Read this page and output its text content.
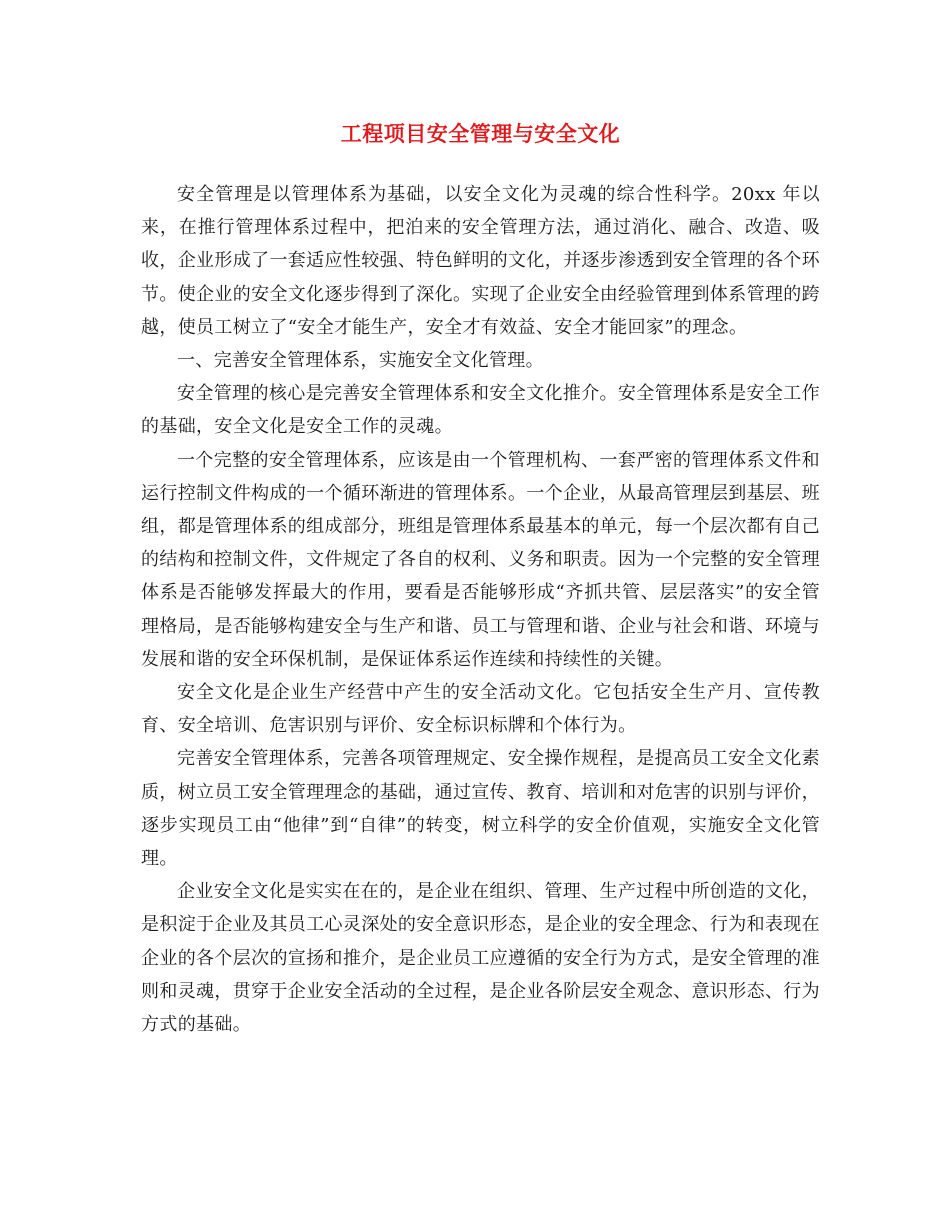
工程项目安全管理与安全文化

安全管理是以管理体系为基础，以安全文化为灵魂的综合性科学。20xx 年以来，在推行管理体系过程中，把泊来的安全管理方法，通过消化、融合、改造、吸收，企业形成了一套适应性较强、特色鲜明的文化，并逐步渗透到安全管理的各个环节。使企业的安全文化逐步得到了深化。实现了企业安全由经验管理到体系管理的跨越，使员工树立了“安全才能生产，安全才有效益、安全才能回家”的理念。

一、完善安全管理体系，实施安全文化管理。

安全管理的核心是完善安全管理体系和安全文化推介。安全管理体系是安全工作的基础，安全文化是安全工作的灵魂。

一个完整的安全管理体系，应该是由一个管理机构、一套严密的管理体系文件和运行控制文件构成的一个循环渐进的管理体系。一个企业，从最高管理层到基层、班组，都是管理体系的组成部分，班组是管理体系最基本的单元，每一个层次都有自己的结构和控制文件，文件规定了各自的权利、义务和职责。因为一个完整的安全管理体系是否能够发挥最大的作用，要看是否能够形成“齐抓共管、层层落实”的安全管理格局，是否能够构建安全与生产和谐、员工与管理和谐、企业与社会和谐、环境与发展和谐的安全环保机制，是保证体系运作连续和持续性的关键。

安全文化是企业生产经营中产生的安全活动文化。它包括安全生产月、宣传教育、安全培训、危害识别与评价、安全标识标牌和个体行为。

完善安全管理体系，完善各项管理规定、安全操作规程，是提高员工安全文化素质，树立员工安全管理理念的基础，通过宣传、教育、培训和对危害的识别与评价，逐步实现员工由“他律”到“自律”的转变，树立科学的安全价值观，实施安全文化管理。

企业安全文化是实实在在的，是企业在组织、管理、生产过程中所创造的文化，是积淀于企业及其员工心灵深处的安全意识形态，是企业的安全理念、行为和表现在企业的各个层次的宣扬和推介，是企业员工应遵循的安全行为方式，是安全管理的准则和灵魂，贯穿于企业安全活动的全过程，是企业各阶层安全观念、意识形态、行为方式的基础。
